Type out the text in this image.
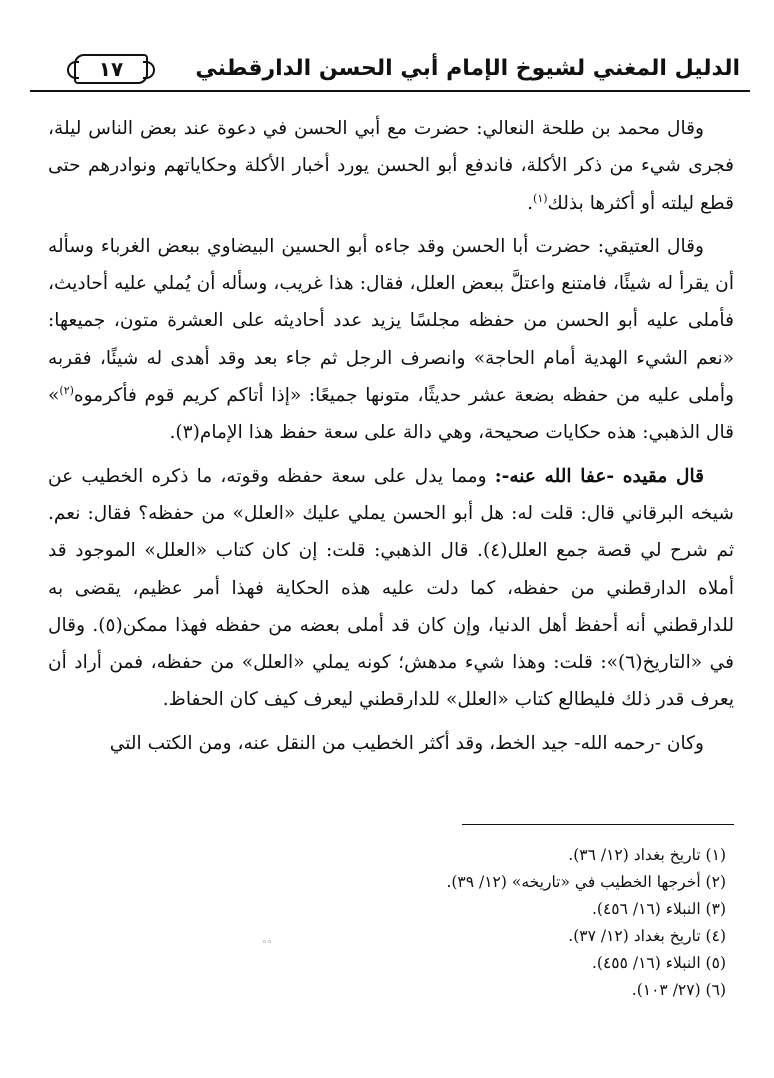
الدليل المغني لشيوخ الإمام أبي الحسن الدارقطني
١٧

وقال محمد بن طلحة النعالي: حضرت مع أبي الحسن في دعوة عند بعض الناس ليلة، فجرى شيء من ذكر الأكلة، فاندفع أبو الحسن يورد أخبار الأكلة وحكاياتهم ونوادرهم حتى قطع ليلته أو أكثرها بذلك$^{(١)}$.

وقال العتيقي: حضرت أبا الحسن وقد جاءه أبو الحسين البيضاوي ببعض الغرباء وسأله أن يقرأ له شيئًا، فامتنع واعتلَّ ببعض العلل، فقال: هذا غريب، وسأله أن يُملي عليه أحاديث، فأملى عليه أبو الحسن من حفظه مجلسًا يزيد عدد أحاديثه على العشرة متون، جميعها: «نعم الشيء الهدية أمام الحاجة» وانصرف الرجل ثم جاء بعد وقد أهدى له شيئًا، فقربه وأملى عليه من حفظه بضعة عشر حديثًا، متونها جميعًا: «إذا أتاكم كريم قوم فأكرموه$^{(٢)}$» قال الذهبي: هذه حكايات صحيحة، وهي دالة على سعة حفظ هذا الإمام(٣).

قال مقيده -عفا الله عنه-: ومما يدل على سعة حفظه وقوته، ما ذكره الخطيب عن شيخه البرقاني قال: قلت له: هل أبو الحسن يملي عليك «العلل» من حفظه؟ فقال: نعم. ثم شرح لي قصة جمع العلل(٤). قال الذهبي: قلت: إن كان كتاب «العلل» الموجود قد أملاه الدارقطني من حفظه، كما دلت عليه هذه الحكاية فهذا أمر عظيم، يقضى به للدارقطني أنه أحفظ أهل الدنيا، وإن كان قد أملى بعضه من حفظه فهذا ممكن(٥). وقال في «التاريخ(٦)»: قلت: وهذا شيء مدهش؛ كونه يملي «العلل» من حفظه، فمن أراد أن يعرف قدر ذلك فليطالع كتاب «العلل» للدارقطني ليعرف كيف كان الحفاظ.

وكان -رحمه الله- جيد الخط، وقد أكثر الخطيب من النقل عنه، ومن الكتب التي

(١) تاريخ بغداد (١٢/ ٣٦).

(٢) أخرجها الخطيب في «تاريخه» (١٢/ ٣٩).

(٣) النبلاء (١٦/ ٤٥٦).

(٤) تاريخ بغداد (١٢/ ٣٧).

(٥) النبلاء (١٦/ ٤٥٥).

(٦) (٢٧/ ١٠٣).

◦◦
